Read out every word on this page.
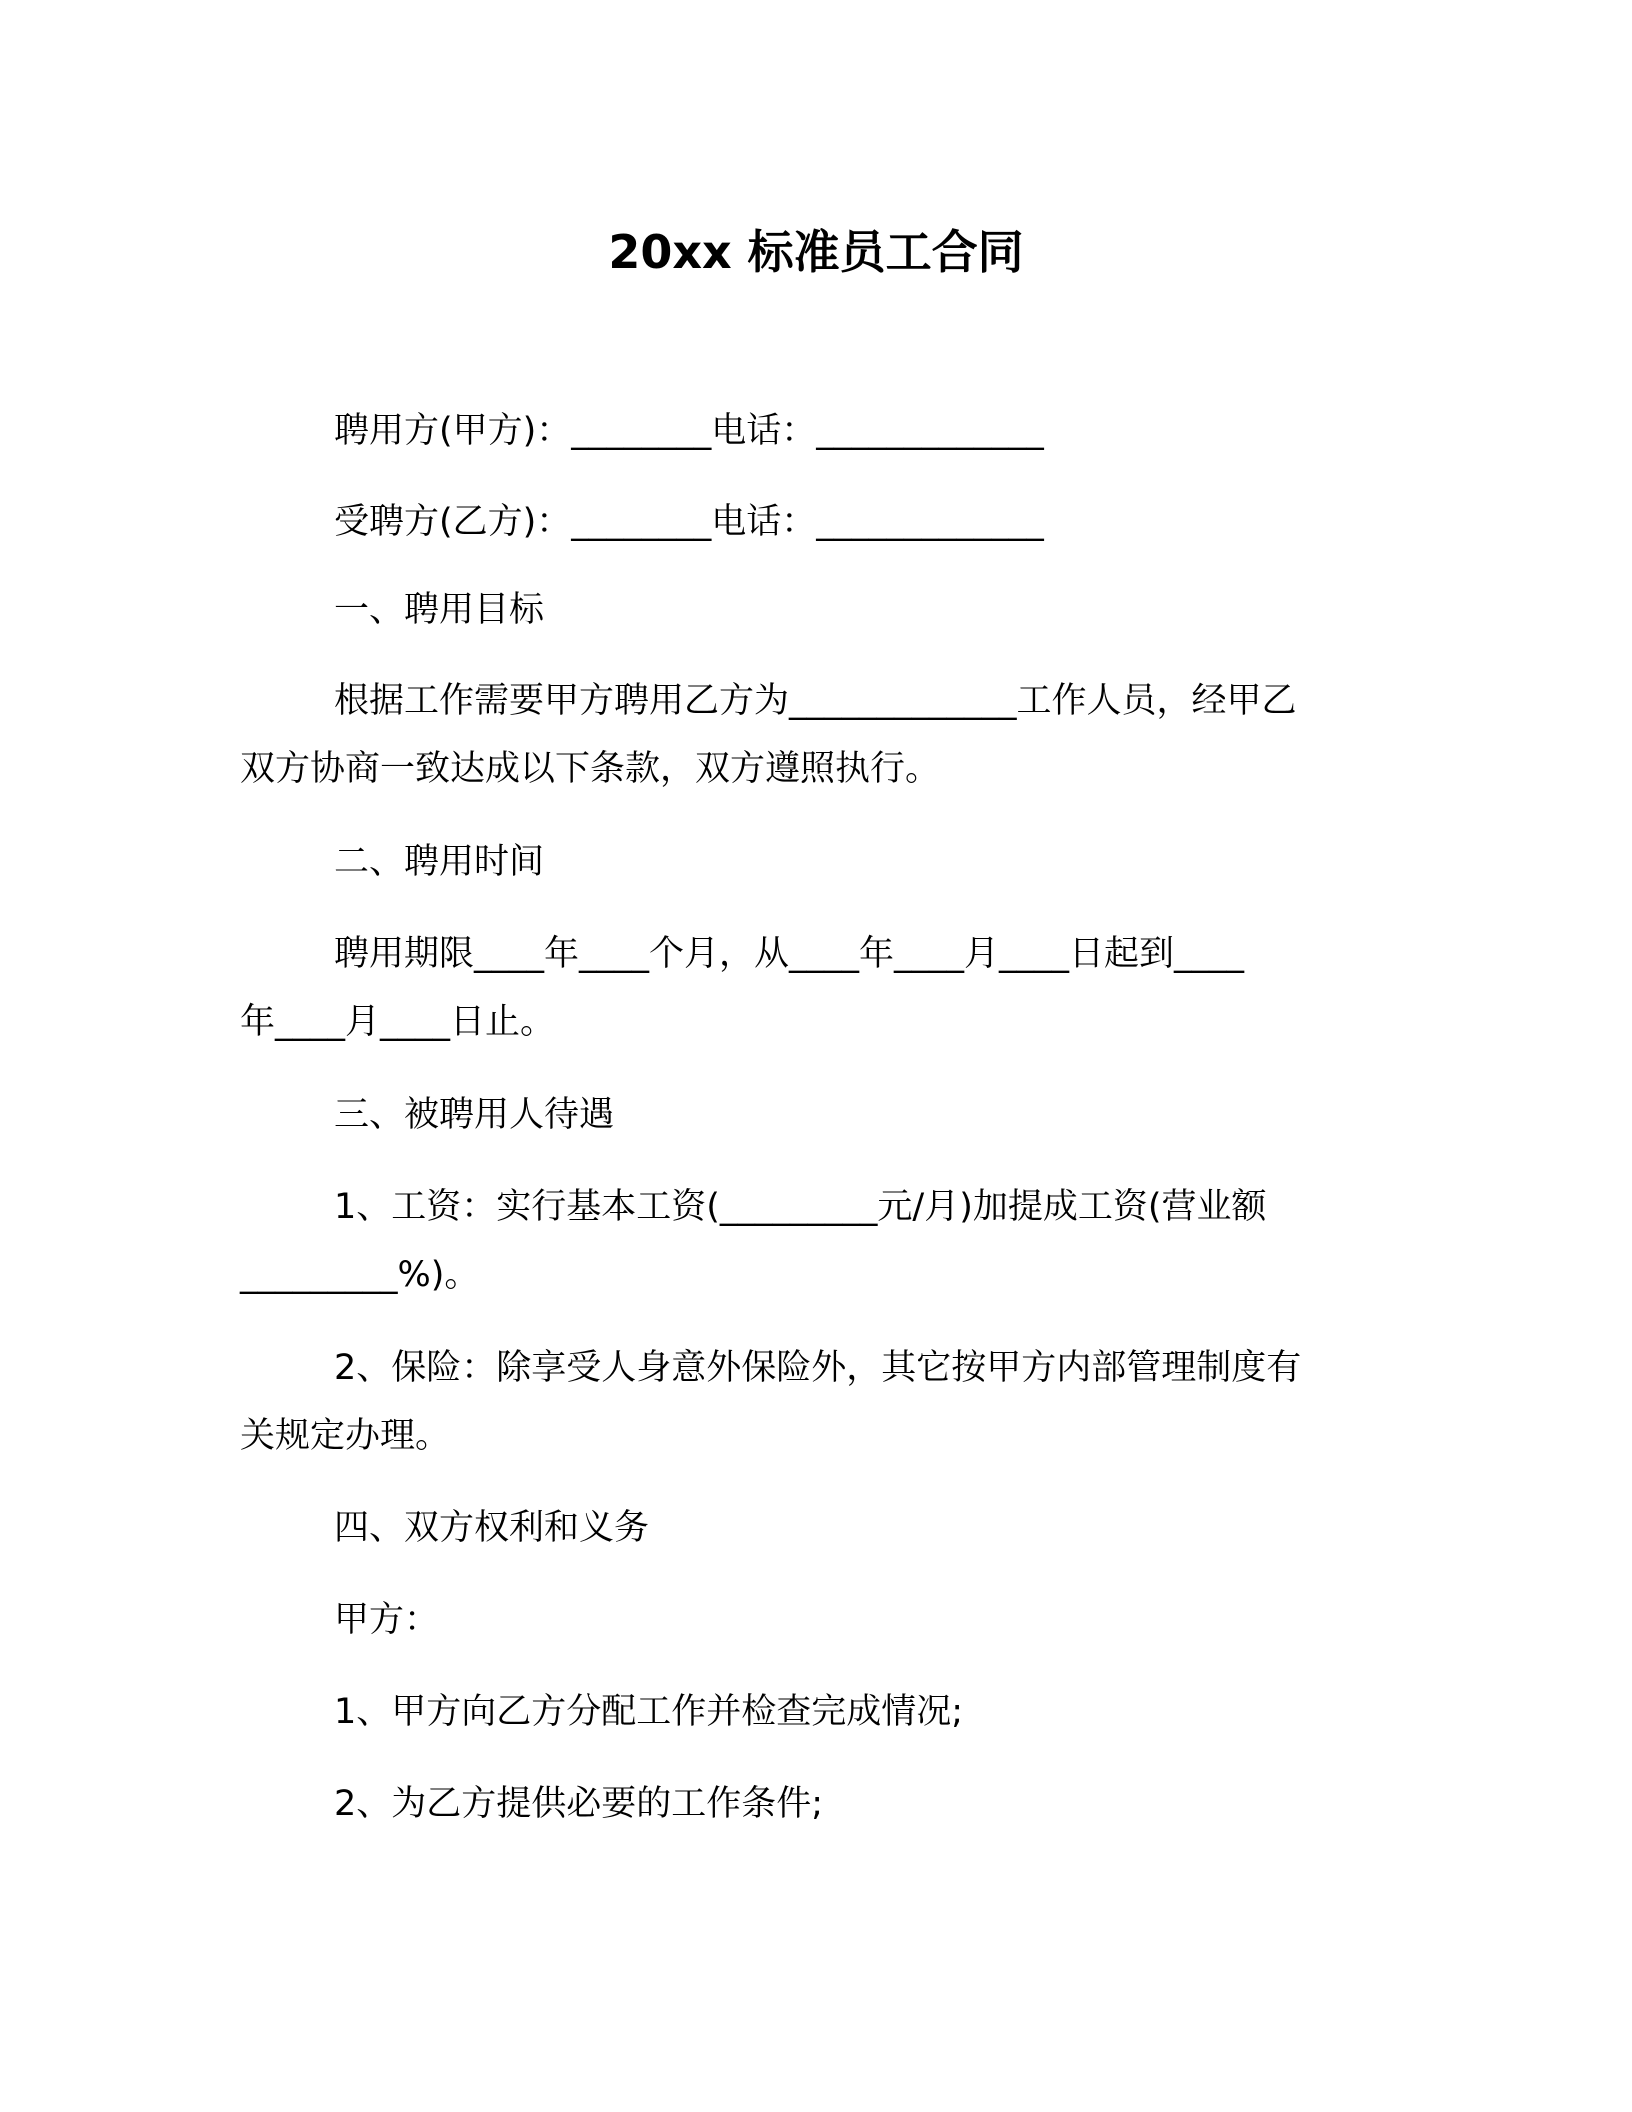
20xx 标准员工合同
聘用方(甲方)：________电话：_____________
受聘方(乙方)：________电话：_____________
一、聘用目标
根据工作需要甲方聘用乙方为_____________工作人员，经甲乙
双方协商一致达成以下条款，双方遵照执行。
二、聘用时间
聘用期限____年____个月，从____年____月____日起到____
年____月____日止。
三、被聘用人待遇
1、工资：实行基本工资(_________元/月)加提成工资(营业额
_________%)。
2、保险：除享受人身意外保险外，其它按甲方内部管理制度有
关规定办理。
四、双方权利和义务
甲方：
1、甲方向乙方分配工作并检查完成情况;
2、为乙方提供必要的工作条件;
